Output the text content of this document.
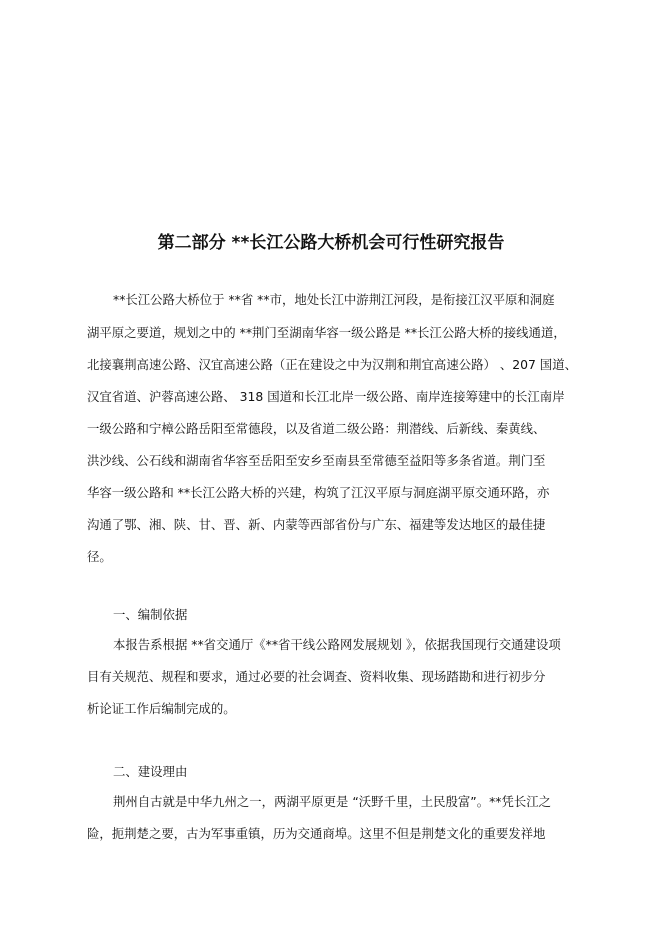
第二部分 **长江公路大桥机会可行性研究报告
**长江公路大桥位于 **省 **市，地处长江中游荆江河段，是衔接江汉平原和洞庭
湖平原之要道，规划之中的 **荆门至湖南华容一级公路是 **长江公路大桥的接线通道，
北接襄荆高速公路、汉宜高速公路（正在建设之中为汉荆和荆宜高速公路） 、207 国道、
汉宜省道、沪蓉高速公路、 318 国道和长江北岸一级公路、南岸连接筹建中的长江南岸
一级公路和宁樟公路岳阳至常德段，以及省道二级公路：荆潜线、后新线、秦黄线、
洪沙线、公石线和湖南省华容至岳阳至安乡至南县至常德至益阳等多条省道。荆门至
华容一级公路和 **长江公路大桥的兴建，构筑了江汉平原与洞庭湖平原交通环路，亦
沟通了鄂、湘、陕、甘、晋、新、内蒙等西部省份与广东、福建等发达地区的最佳捷
径。
一、编制依据
本报告系根据 **省交通厅《**省干线公路网发展规划 》，依据我国现行交通建设项
目有关规范、规程和要求，通过必要的社会调查、资料收集、现场踏勘和进行初步分
析论证工作后编制完成的。
二、建设理由
荆州自古就是中华九州之一，两湖平原更是 “沃野千里，土民殷富”。**凭长江之
险，扼荆楚之要，古为军事重镇，历为交通商埠。这里不但是荆楚文化的重要发祥地
